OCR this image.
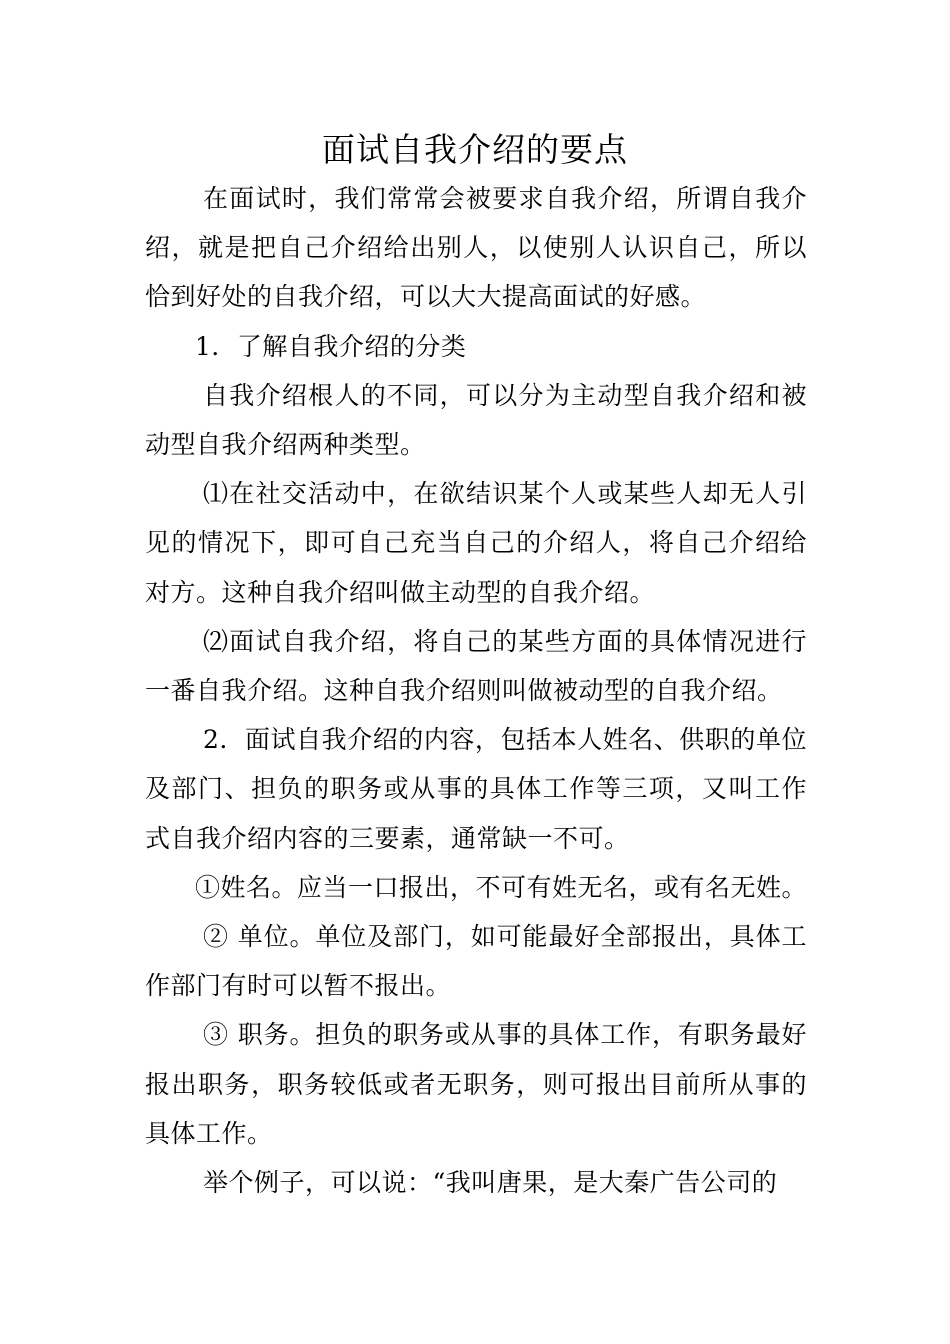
面试自我介绍的要点

在面试时，我们常常会被要求自我介绍，所谓自我介绍，就是把自己介绍给出别人，以使别人认识自己，所以恰到好处的自我介绍，可以大大提高面试的好感。

1．了解自我介绍的分类

自我介绍根人的不同，可以分为主动型自我介绍和被动型自我介绍两种类型。

⑴在社交活动中，在欲结识某个人或某些人却无人引见的情况下，即可自己充当自己的介绍人，将自己介绍给对方。这种自我介绍叫做主动型的自我介绍。

⑵面试自我介绍，将自己的某些方面的具体情况进行一番自我介绍。这种自我介绍则叫做被动型的自我介绍。

2．面试自我介绍的内容，包括本人姓名、供职的单位及部门、担负的职务或从事的具体工作等三项，又叫工作式自我介绍内容的三要素，通常缺一不可。

①姓名。应当一口报出，不可有姓无名，或有名无姓。

② 单位。单位及部门，如可能最好全部报出，具体工作部门有时可以暂不报出。

③ 职务。担负的职务或从事的具体工作，有职务最好报出职务，职务较低或者无职务，则可报出目前所从事的具体工作。

举个例子，可以说：“我叫唐果，是大秦广告公司的
